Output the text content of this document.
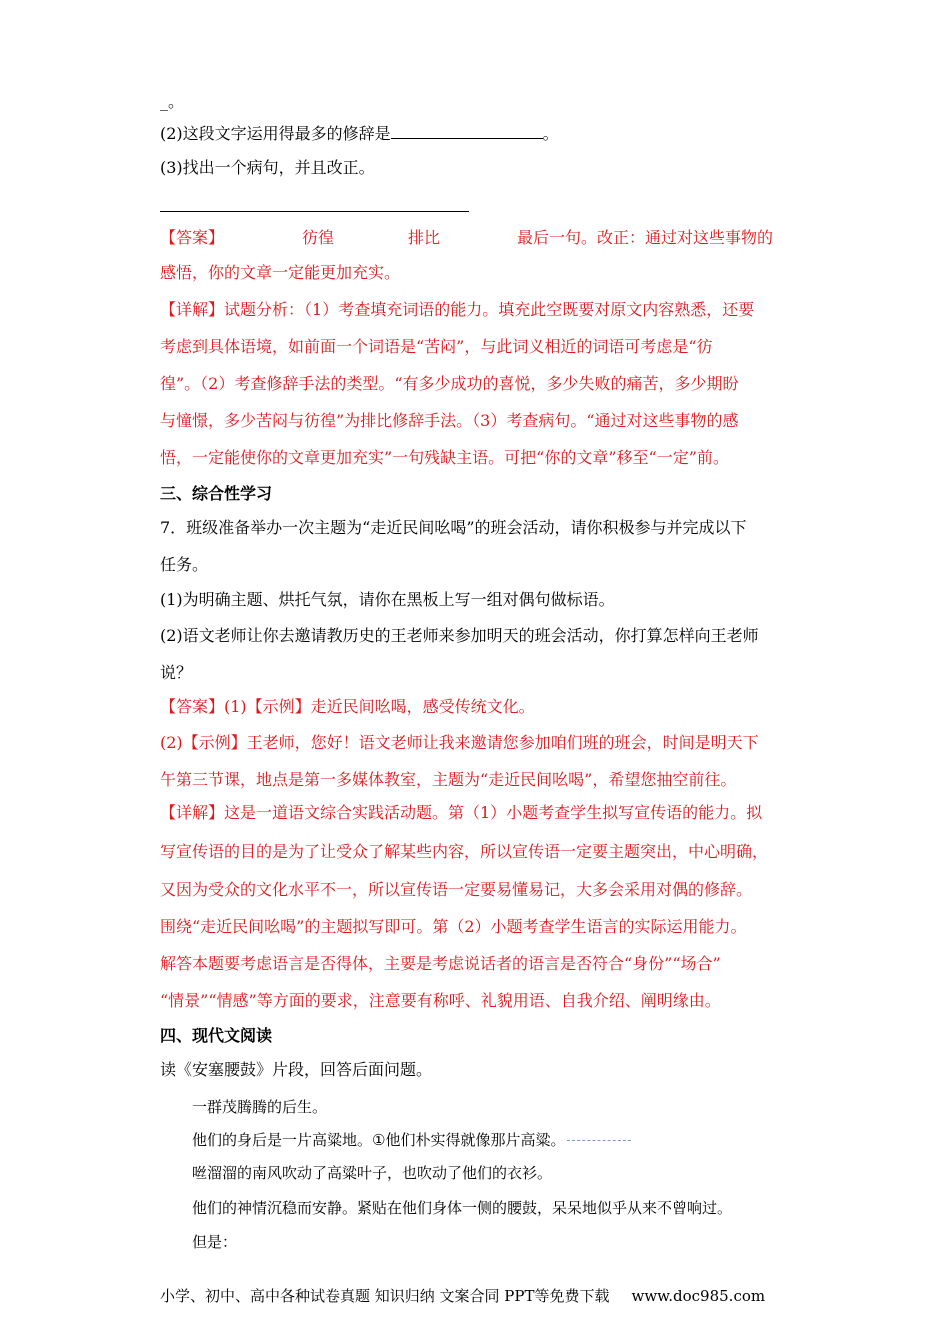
_。
(2)这段文字运用得最多的修辞是	。
(3)找出一个病句，并且改正。
【答案】	彷徨	排比	最后一句。改正：通过对这些事物的
感悟，你的文章一定能更加充实。
【详解】试题分析：（1）考查填充词语的能力。填充此空既要对原文内容熟悉，还要
考虑到具体语境，如前面一个词语是“苦闷”，与此词义相近的词语可考虑是“彷
徨”。（2）考查修辞手法的类型。“有多少成功的喜悦，多少失败的痛苦，多少期盼
与憧憬，多少苦闷与彷徨”为排比修辞手法。（3）考查病句。“通过对这些事物的感
悟，一定能使你的文章更加充实”一句残缺主语。可把“你的文章”移至“一定”前。
三、综合性学习
7．班级准备举办一次主题为“走近民间吆喝”的班会活动，请你积极参与并完成以下
任务。
(1)为明确主题、烘托气氛，请你在黑板上写一组对偶句做标语。
(2)语文老师让你去邀请教历史的王老师来参加明天的班会活动，你打算怎样向王老师
说？
【答案】(1)【示例】走近民间吆喝，感受传统文化。
(2)【示例】王老师，您好！语文老师让我来邀请您参加咱们班的班会，时间是明天下
午第三节课，地点是第一多媒体教室，主题为“走近民间吆喝”，希望您抽空前往。
【详解】这是一道语文综合实践活动题。第（1）小题考查学生拟写宣传语的能力。拟
写宣传语的目的是为了让受众了解某些内容，所以宣传语一定要主题突出，中心明确，
又因为受众的文化水平不一，所以宣传语一定要易懂易记，大多会采用对偶的修辞。
围绕“走近民间吆喝”的主题拟写即可。第（2）小题考查学生语言的实际运用能力。
解答本题要考虑语言是否得体，主要是考虑说话者的语言是否符合“身份”“场合”
“情景”“情感”等方面的要求，注意要有称呼、礼貌用语、自我介绍、阐明缘由。
四、现代文阅读
读《安塞腰鼓》片段，回答后面问题。
一群茂腾腾的后生。
他们的身后是一片高粱地。①他们朴实得就像那片高粱。
咝溜溜的南风吹动了高粱叶子，也吹动了他们的衣衫。
他们的神情沉稳而安静。紧贴在他们身体一侧的腰鼓，呆呆地似乎从来不曾响过。
但是：
小学、初中、高中各种试卷真题 知识归纳 文案合同 PPT等免费下载 www.doc985.com
